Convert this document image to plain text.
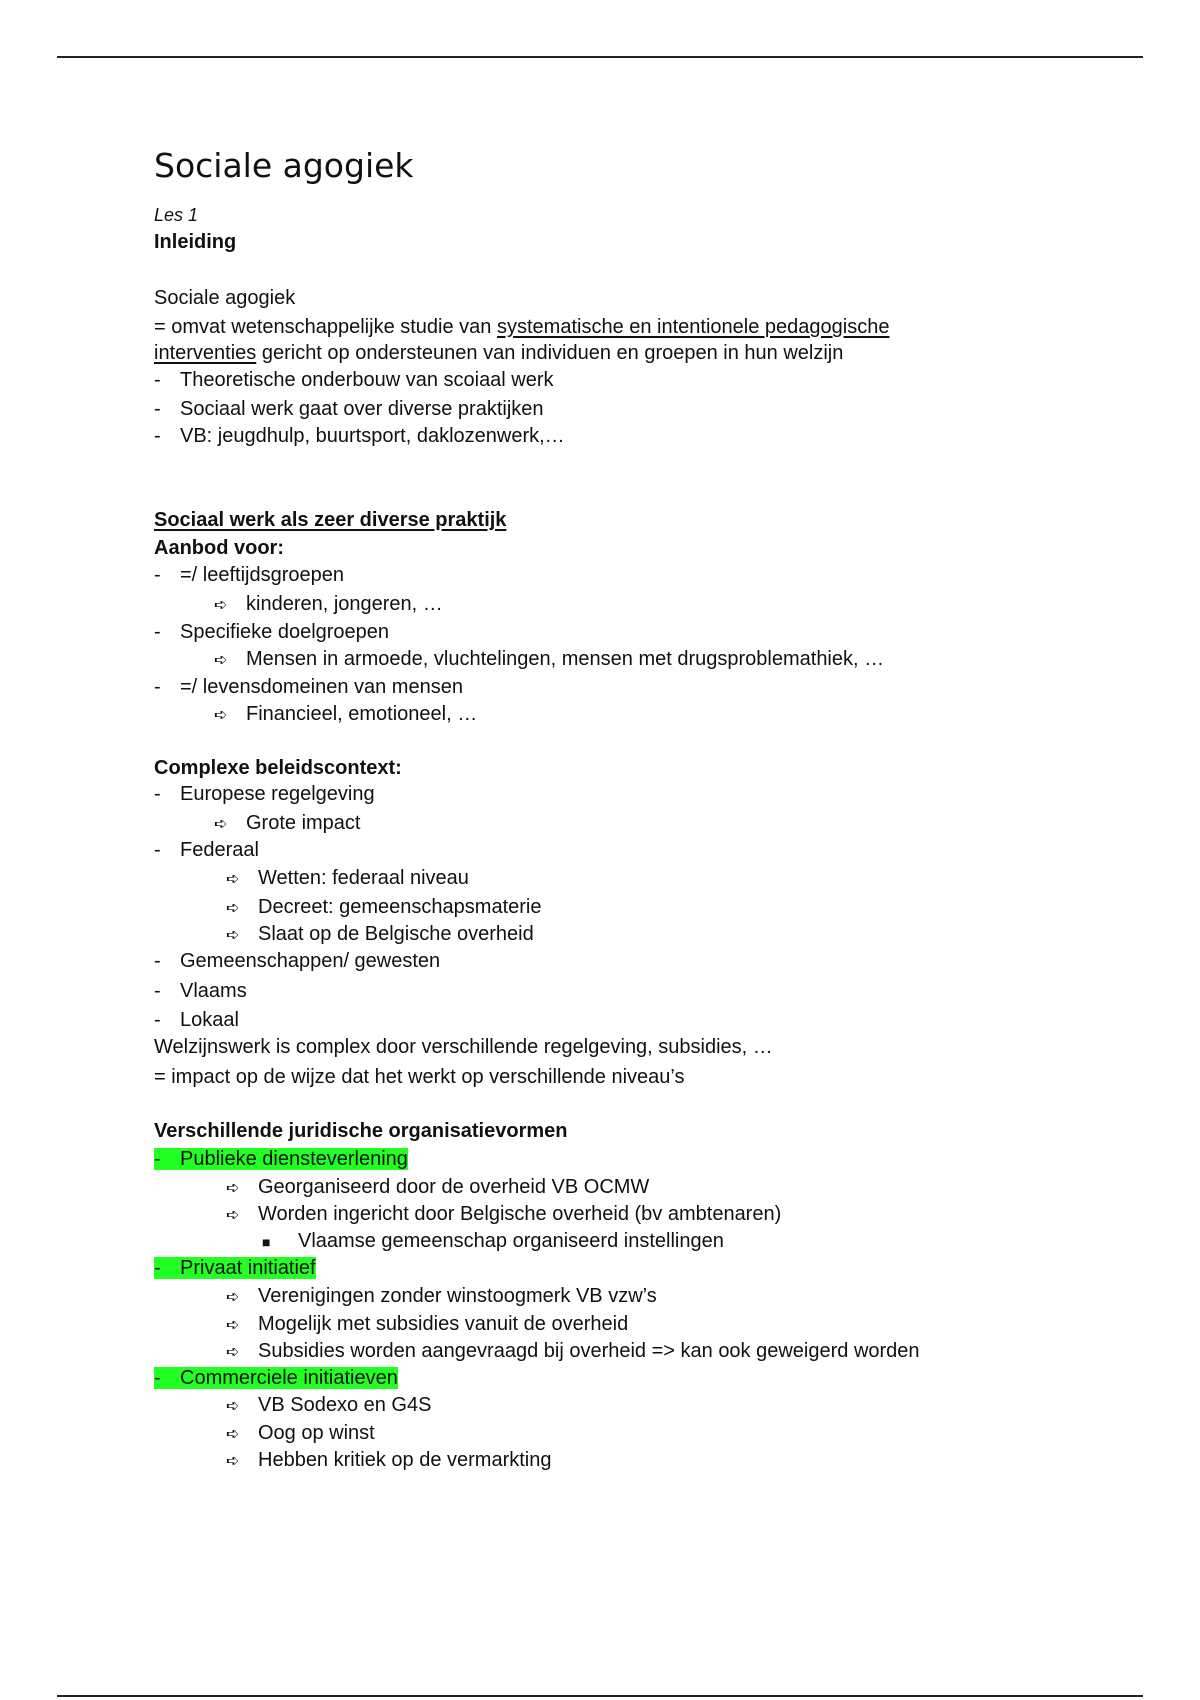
Sociale agogiek
Les 1
Inleiding
Sociale agogiek
= omvat wetenschappelijke studie van systematische en intentionele pedagogische
interventies gericht op ondersteunen van individuen en groepen in hun welzijn
- Theoretische onderbouw van scoiaal werk
- Sociaal werk gaat over diverse praktijken
- VB: jeugdhulp, buurtsport, daklozenwerk,…
Sociaal werk als zeer diverse praktijk
Aanbod voor:
- =/ leeftijdsgroepen
➪ kinderen, jongeren, …
- Specifieke doelgroepen
➪ Mensen in armoede, vluchtelingen, mensen met drugsproblemathiek, …
- =/ levensdomeinen van mensen
➪ Financieel, emotioneel, …
Complexe beleidscontext:
- Europese regelgeving
➪ Grote impact
- Federaal
➪ Wetten: federaal niveau
➪ Decreet: gemeenschapsmaterie
➪ Slaat op de Belgische overheid
- Gemeenschappen/ gewesten
- Vlaams
- Lokaal
Welzijnswerk is complex door verschillende regelgeving, subsidies, …
= impact op de wijze dat het werkt op verschillende niveau’s
Verschillende juridische organisatievormen
- Publieke diensteverlening
➪ Georganiseerd door de overheid VB OCMW
➪ Worden ingericht door Belgische overheid (bv ambtenaren)
■ Vlaamse gemeenschap organiseerd instellingen
- Privaat initiatief
➪ Verenigingen zonder winstoogmerk VB vzw’s
➪ Mogelijk met subsidies vanuit de overheid
➪ Subsidies worden aangevraagd bij overheid => kan ook geweigerd worden
- Commerciele initiatieven
➪ VB Sodexo en G4S
➪ Oog op winst
➪ Hebben kritiek op de vermarkting
